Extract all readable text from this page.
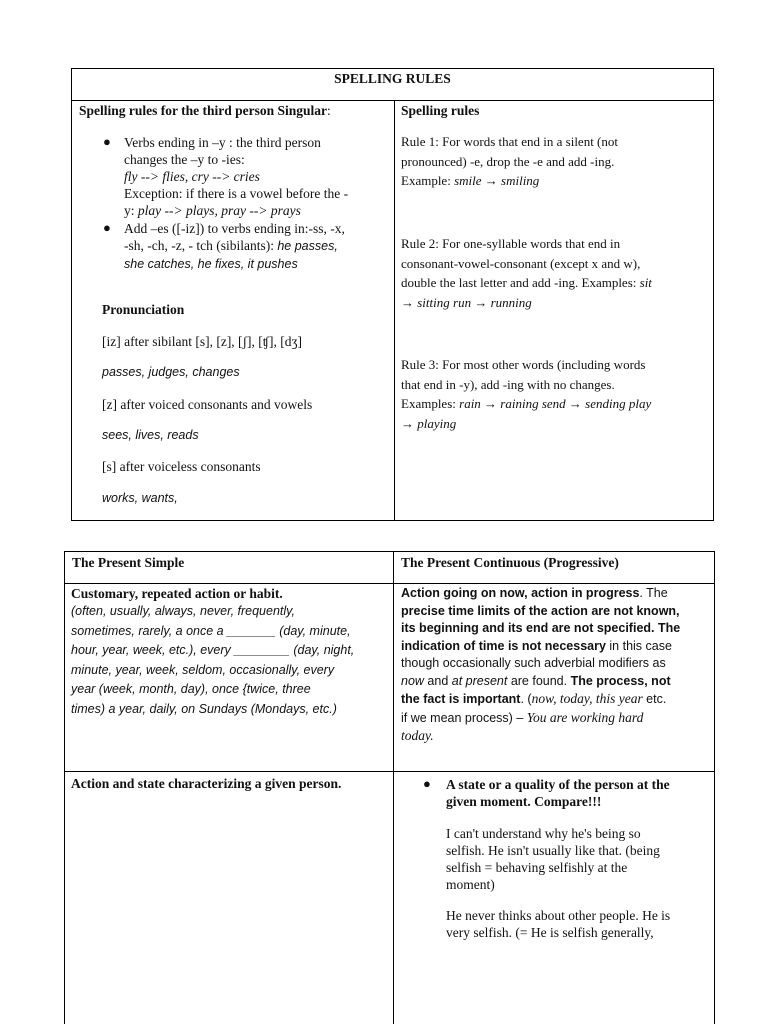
SPELLING RULES
Spelling rules for the third person Singular:
● Verbs ending in –y : the third person
changes the –y to -ies:
fly --> flies, cry --> cries
Exception: if there is a vowel before the -
y: play --> plays, pray --> prays
● Add –es ([-iz]) to verbs ending in:-ss, -x,
-sh, -ch, -z, - tch (sibilants): he passes,
she catches, he fixes, it pushes
Pronunciation
[iz] after sibilant [s], [z], [ʃ], [ʧ], [dʒ]
passes, judges, changes
[z] after voiced consonants and vowels
sees, lives, reads
[s] after voiceless consonants
works, wants,
Spelling rules
Rule 1: For words that end in a silent (not
pronounced) -e, drop the -e and add -ing.
Example: smile → smiling
Rule 2: For one-syllable words that end in
consonant-vowel-consonant (except x and w),
double the last letter and add -ing. Examples: sit
→ sitting run → running
Rule 3: For most other words (including words
that end in -y), add -ing with no changes.
Examples: rain → raining send → sending play
→ playing
The Present Simple	The Present Continuous (Progressive)
Customary, repeated action or habit.
(often, usually, always, never, frequently,
sometimes, rarely, a once a _______ (day, minute,
hour, year, week, etc.), every ________ (day, night,
minute, year, week, seldom, occasionally, every
year (week, month, day), once {twice, three
times) a year, daily, on Sundays (Mondays, etc.)
Action going on now, action in progress. The
precise time limits of the action are not known,
its beginning and its end are not specified. The
indication of time is not necessary in this case
though occasionally such adverbial modifiers as
now and at present are found. The process, not
the fact is important. (now, today, this year etc.
if we mean process) – You are working hard
today.
Action and state characterizing a given person.	● A state or a quality of the person at the
given moment. Compare!!!
I can't understand why he's being so
selfish. He isn't usually like that. (being
selfish = behaving selfishly at the
moment)
He never thinks about other people. He is
very selfish. (= He is selfish generally,
